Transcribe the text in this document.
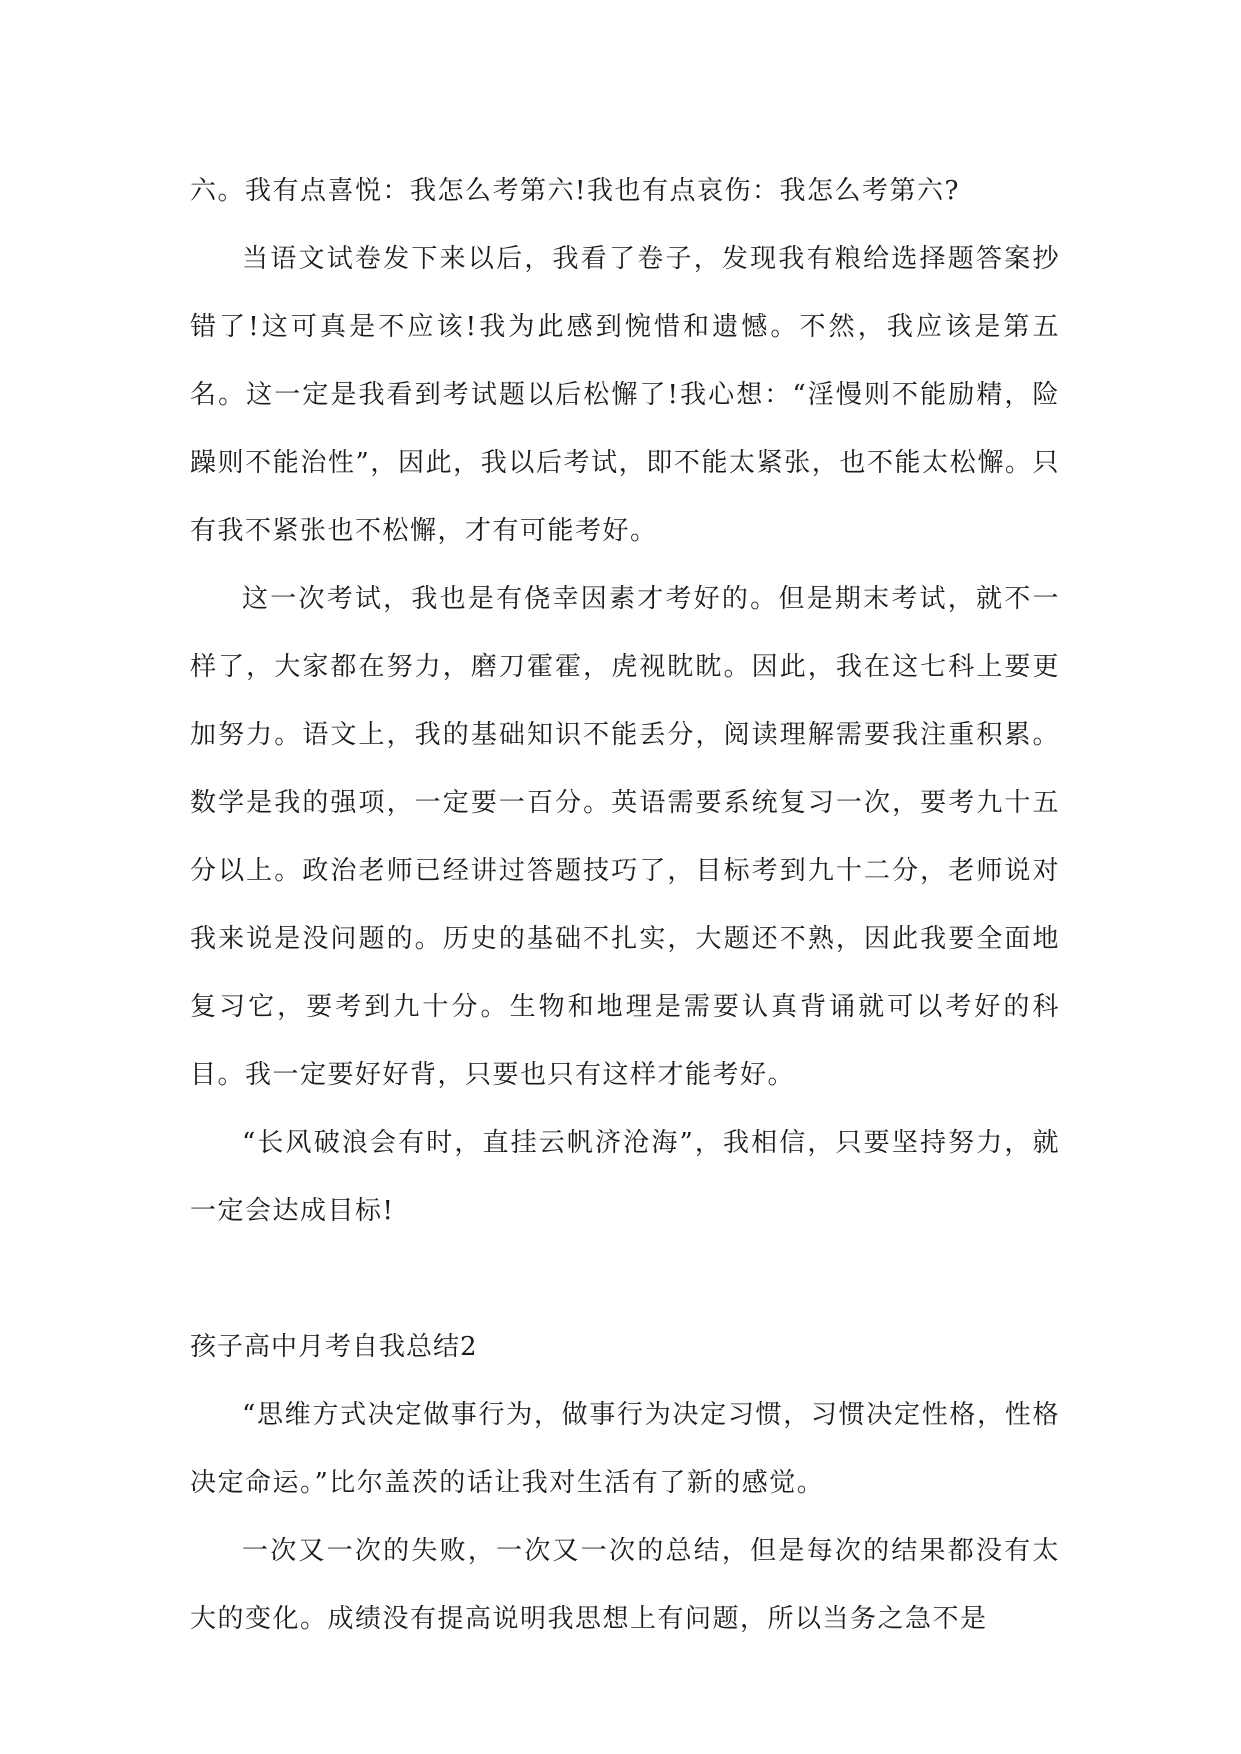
六。我有点喜悦：我怎么考第六!我也有点哀伤：我怎么考第六?

当语文试卷发下来以后，我看了卷子，发现我有粮给选择题答案抄错了!这可真是不应该!我为此感到惋惜和遗憾。不然，我应该是第五名。这一定是我看到考试题以后松懈了!我心想：“淫慢则不能励精，险躁则不能治性”，因此，我以后考试，即不能太紧张，也不能太松懈。只有我不紧张也不松懈，才有可能考好。

这一次考试，我也是有侥幸因素才考好的。但是期末考试，就不一样了，大家都在努力，磨刀霍霍，虎视眈眈。因此，我在这七科上要更加努力。语文上，我的基础知识不能丢分，阅读理解需要我注重积累。数学是我的强项，一定要一百分。英语需要系统复习一次，要考九十五分以上。政治老师已经讲过答题技巧了，目标考到九十二分，老师说对我来说是没问题的。历史的基础不扎实，大题还不熟，因此我要全面地复习它，要考到九十分。生物和地理是需要认真背诵就可以考好的科目。我一定要好好背，只要也只有这样才能考好。

“长风破浪会有时，直挂云帆济沧海”，我相信，只要坚持努力，就一定会达成目标!

孩子高中月考自我总结2

“思维方式决定做事行为，做事行为决定习惯，习惯决定性格，性格决定命运。”比尔盖茨的话让我对生活有了新的感觉。

一次又一次的失败，一次又一次的总结，但是每次的结果都没有太大的变化。成绩没有提高说明我思想上有问题，所以当务之急不是
